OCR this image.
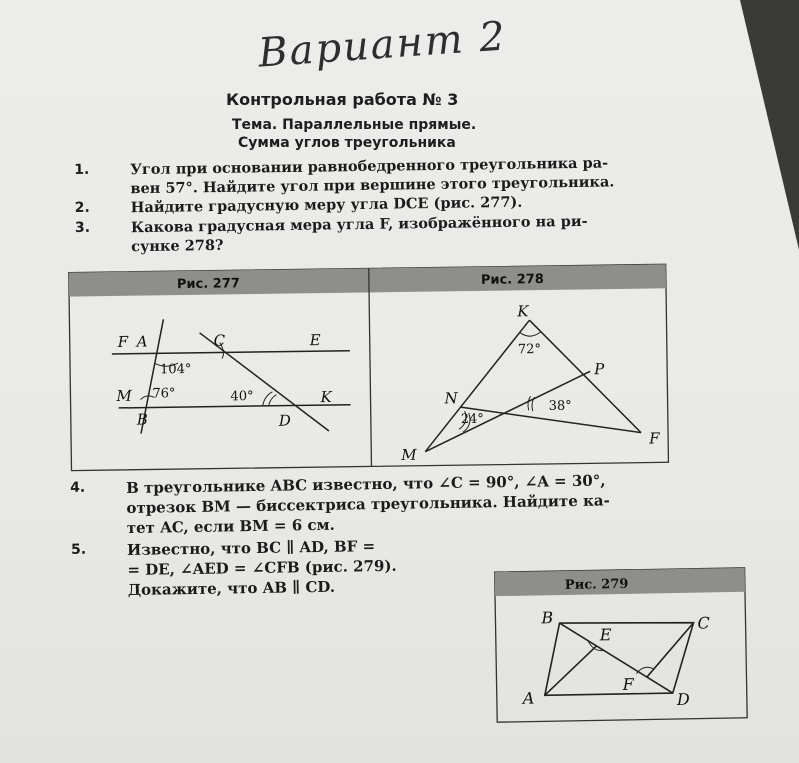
Вариант 2
Контрольная работа № 3
Тема. Параллельные прямые.
Сумма углов треугольника
1.	Угол при основании равнобедренного треугольника ра-
вен 57°. Найдите угол при вершине этого треугольника.
2.	Найдите градусную меру угла DCE (рис. 277).
3.	Какова градусная мера угла F, изображённого на ри-
сунке 278?
Рис. 277
F A	C	E
M
B	D
K
104°
76°	40°
Рис. 278
K
P
N
M
F
72°
38°
24°
4.	В треугольнике ABC известно, что ∠C = 90°, ∠A = 30°,
отрезок BM — биссектриса треугольника. Найдите ка-
тет AC, если BM = 6 см.
5.	Известно, что BC ∥ AD, BF =
= DE, ∠AED = ∠CFB (рис. 279).
Докажите, что AB ∥ CD.	Рис. 279
B	C
E
F
A	D
